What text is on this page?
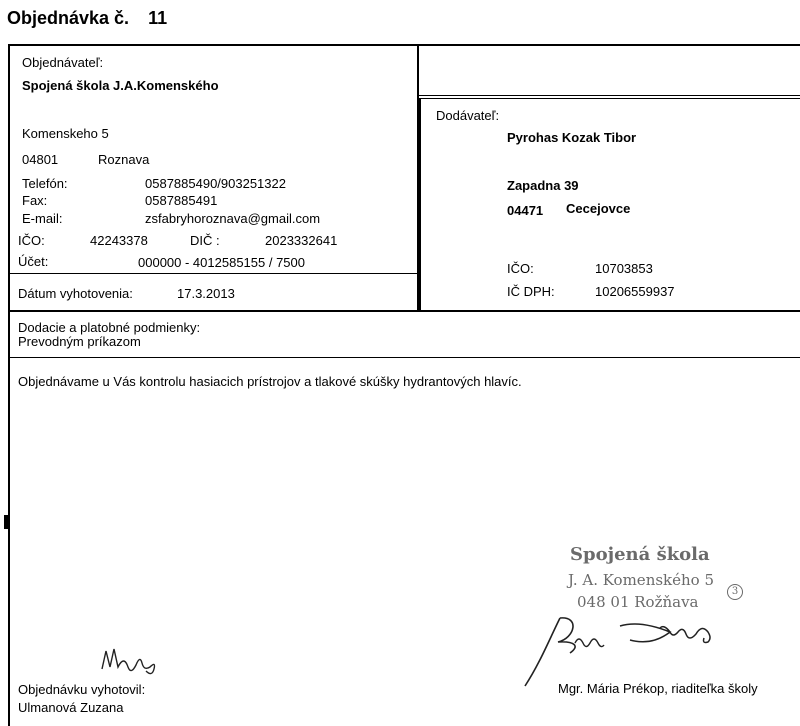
Objednávka č. 11
Objednávateľ:
Spojená škola J.A.Komenského
Komenskeho 5
04801	Roznava
Telefón:	0587885490/903251322
Fax:	0587885491
E-mail:	zsfabryhoroznava@gmail.com
IČO:	42243378	DIČ :	2023332641
Účet:	000000 - 4012585155 / 7500
Dátum vyhotovenia:	17.3.2013
Dodávateľ:
Pyrohas Kozak Tibor
Zapadna 39
04471 Cecejovce
IČO:	10703853
IČ DPH:	10206559937
Dodacie a platobné podmienky:
Prevodným príkazom
Objednávame u Vás kontrolu hasiacich prístrojov a tlakové skúšky hydrantových hlavíc.
Spojená škola
J. A. Komenského 5
048 01 Rožňava
3
Objednávku vyhotovil:
Ulmanová Zuzana
Mgr. Mária Prékop, riaditeľka školy
